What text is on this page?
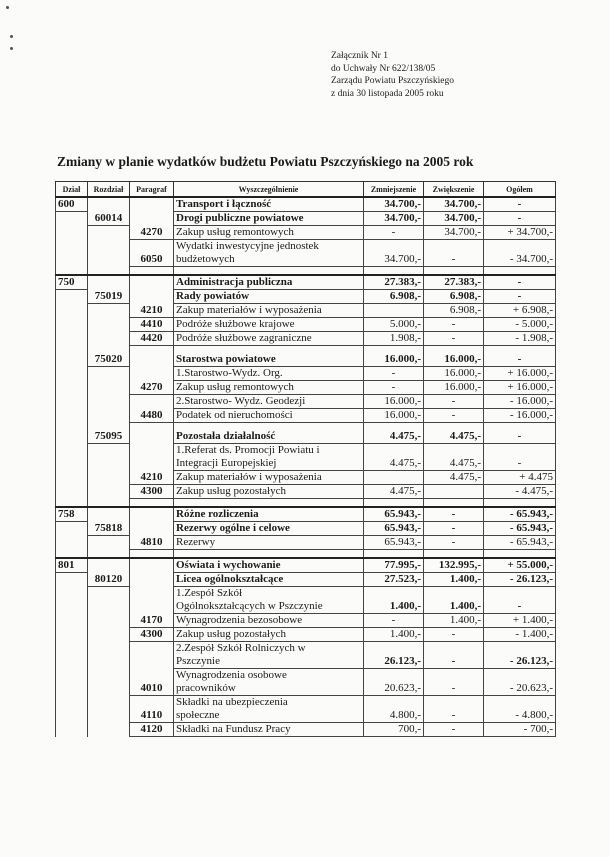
Załącznik Nr 1
do Uchwały Nr 622/138/05
Zarządu Powiatu Pszczyńskiego
z dnia 30 listopada 2005 roku
Zmiany w planie wydatków budżetu Powiatu Pszczyńskiego na 2005 rok
Dział	Rozdział	Paragraf	Wyszczególnienie	Zmniejszenie	Zwiększenie	Ogółem
600			Transport i łączność	34.700,-	34.700,-	-
	60014		Drogi publiczne powiatowe	34.700,-	34.700,-	-
		4270	Zakup usług remontowych	-	34.700,-	+ 34.700,-
		6050	Wydatki inwestycyjne jednostek
budżetowych	34.700,-	-	- 34.700,-

750			Administracja publiczna	27.383,-	27.383,-	-
	75019		Rady powiatów	6.908,-	6.908,-	-
		4210	Zakup materiałów i wyposażenia		6.908,-	+ 6.908,-
		4410	Podróże służbowe krajowe	5.000,-	-	- 5.000,-
		4420	Podróże służbowe zagraniczne	1.908,-	-	- 1.908,-

	75020		Starostwa powiatowe	16.000,-	16.000,-	-

			1.Starostwo-Wydz. Org.	-	16.000,-	+ 16.000,-
		4270	Zakup usług remontowych	-	16.000,-	+ 16.000,-

			2.Starostwo- Wydz. Geodezji	16.000,-	-	- 16.000,-
		4480	Podatek od nieruchomości	16.000,-	-	- 16.000,-

	75095		Pozostała działalność	4.475,-	4.475,-	-

			1.Referat ds. Promocji Powiatu i
Integracji Europejskiej	4.475,-	4.475,-	-
		4210	Zakup materiałów i wyposażenia		4.475,-	+ 4.475
		4300	Zakup usług pozostałych	4.475,-		- 4.475,-

758			Różne rozliczenia	65.943,-	-	- 65.943,-
	75818		Rezerwy ogólne i celowe	65.943,-	-	- 65.943,-
		4810	Rezerwy	65.943,-	-	- 65.943,-

801			Oświata i wychowanie	77.995,-	132.995,-	+ 55.000,-
	80120		Licea ogólnokształcące	27.523,-	1.400,-	- 26.123,-

			1.Zespół Szkół
Ogólnokształcących w Pszczynie	1.400,-	1.400,-	-
		4170	Wynagrodzenia bezosobowe	-	1.400,-	+ 1.400,-
		4300	Zakup usług pozostałych	1.400,-	-	- 1.400,-

			2.Zespół Szkół Rolniczych w
Pszczynie	26.123,-	-	- 26.123,-
		4010	Wynagrodzenia osobowe
pracowników	20.623,-	-	- 20.623,-
		4110	Składki na ubezpieczenia
społeczne	4.800,-	-	- 4.800,-
		4120	Składki na Fundusz Pracy	700,-	-	- 700,-
